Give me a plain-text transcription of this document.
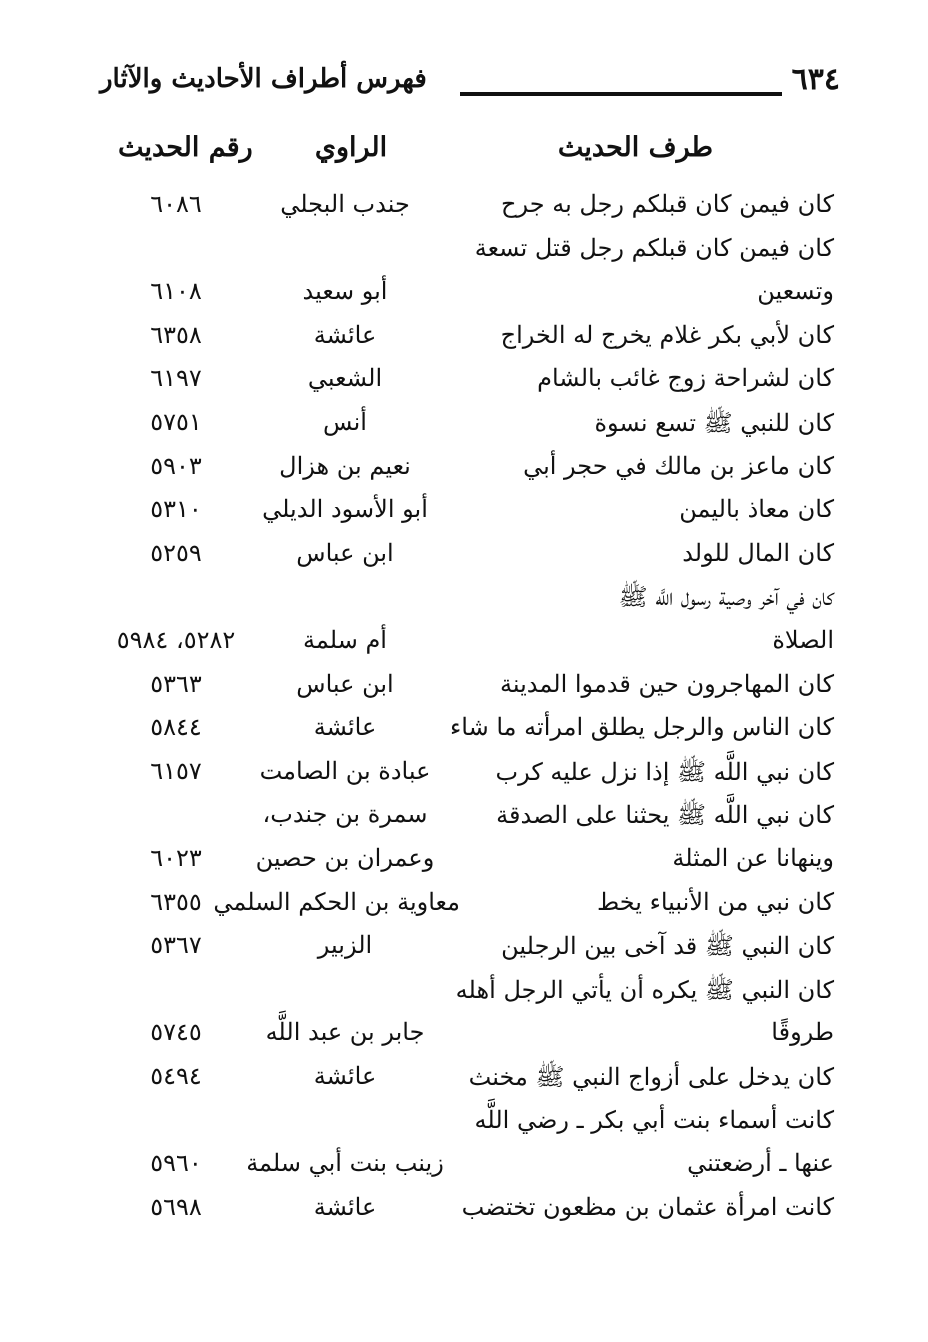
٦٣٤
فهرس أطراف الأحاديث والآثار
طرف الحديث
الراوي
رقم الحديث
كان فيمن كان قبلكم رجل به جرح
جندب البجلي
٦٠٨٦
كان فيمن كان قبلكم رجل قتل تسعة
وتسعين
أبو سعيد
٦١٠٨
كان لأبي بكر غلام يخرج له الخراج
عائشة
٦٣٥٨
كان لشراحة زوج غائب بالشام
الشعبي
٦١٩٧
كان للنبي ﷺ تسع نسوة
أنس
٥٧٥١
كان ماعز بن مالك في حجر أبي
نعيم بن هزال
٥٩٠٣
كان معاذ باليمن
أبو الأسود الديلي
٥٣١٠
كان المال للولد
ابن عباس
٥٢٥٩
كان في آخر وصية رسول اللَّه ﷺ
الصلاة
أم سلمة
٥٢٨٢، ٥٩٨٤
كان المهاجرون حين قدموا المدينة
ابن عباس
٥٣٦٣
كان الناس والرجل يطلق امرأته ما شاء
عائشة
٥٨٤٤
كان نبي اللَّه ﷺ إذا نزل عليه كرب
عبادة بن الصامت
٦١٥٧
كان نبي اللَّه ﷺ يحثنا على الصدقة
سمرة بن جندب،
وينهانا عن المثلة
وعمران بن حصين
٦٠٢٣
كان نبي من الأنبياء يخط
معاوية بن الحكم السلمي
٦٣٥٥
كان النبي ﷺ قد آخى بين الرجلين
الزبير
٥٣٦٧
كان النبي ﷺ يكره أن يأتي الرجل أهله
طروقًا
جابر بن عبد اللَّه
٥٧٤٥
كان يدخل على أزواج النبي ﷺ مخنث
عائشة
٥٤٩٤
كانت أسماء بنت أبي بكر ـ رضي اللَّه
عنها ـ أرضعتني
زينب بنت أبي سلمة
٥٩٦٠
كانت امرأة عثمان بن مظعون تختضب
عائشة
٥٦٩٨
